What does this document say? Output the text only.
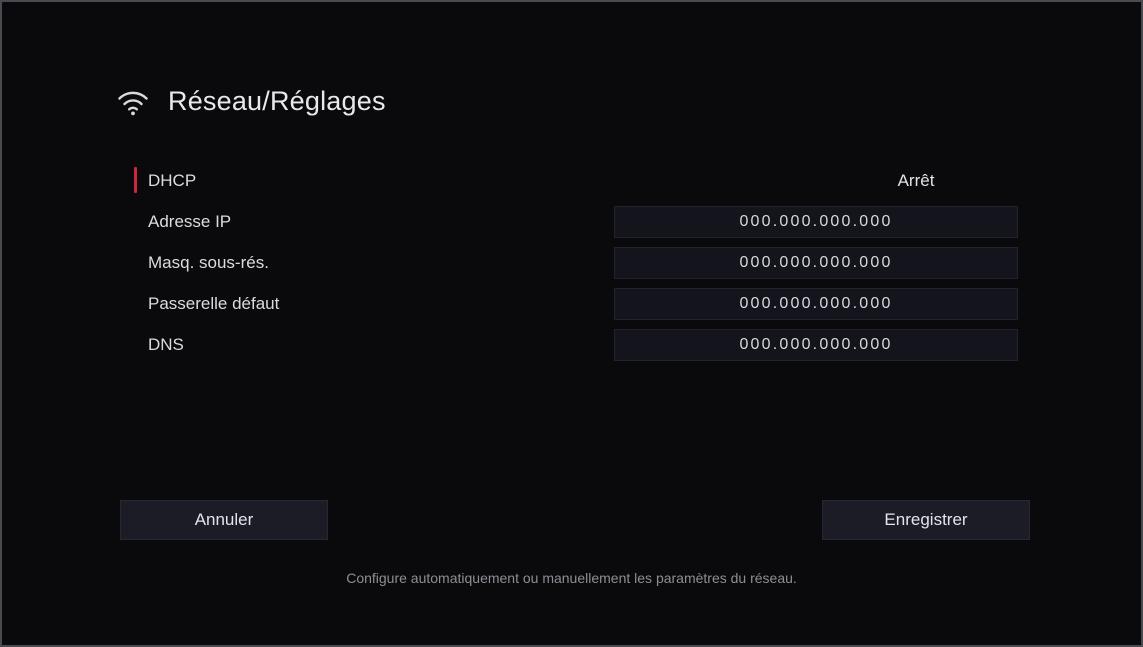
Réseau/Réglages
DHCP	Arrêt
Adresse IP	000.000.000.000
Masq. sous-rés.	000.000.000.000
Passerelle défaut	000.000.000.000
DNS	000.000.000.000
Annuler	Enregistrer
Configure automatiquement ou manuellement les paramètres du réseau.
